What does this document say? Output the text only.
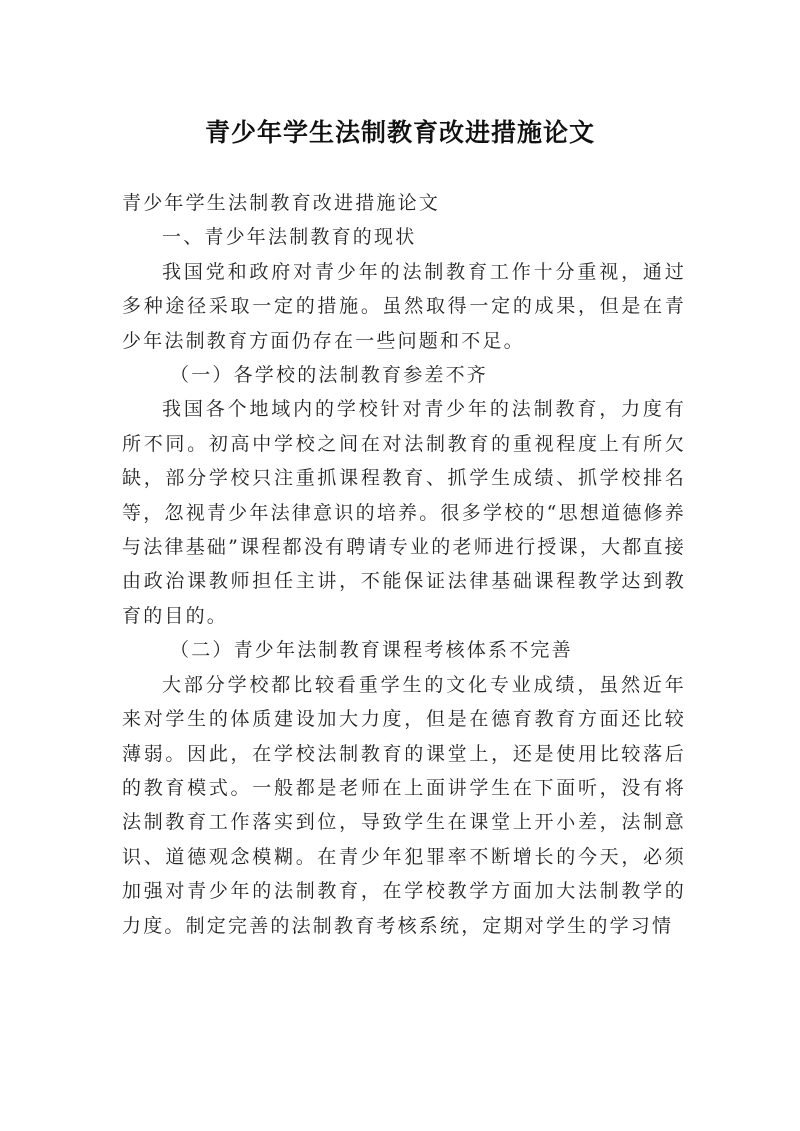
青少年学生法制教育改进措施论文

青少年学生法制教育改进措施论文

一、青少年法制教育的现状

我国党和政府对青少年的法制教育工作十分重视，通过多种途径采取一定的措施。虽然取得一定的成果，但是在青少年法制教育方面仍存在一些问题和不足。

（一）各学校的法制教育参差不齐

我国各个地域内的学校针对青少年的法制教育，力度有所不同。初高中学校之间在对法制教育的重视程度上有所欠缺，部分学校只注重抓课程教育、抓学生成绩、抓学校排名等，忽视青少年法律意识的培养。很多学校的“思想道德修养与法律基础”课程都没有聘请专业的老师进行授课，大都直接由政治课教师担任主讲，不能保证法律基础课程教学达到教育的目的。

（二）青少年法制教育课程考核体系不完善

大部分学校都比较看重学生的文化专业成绩，虽然近年来对学生的体质建设加大力度，但是在德育教育方面还比较薄弱。因此，在学校法制教育的课堂上，还是使用比较落后的教育模式。一般都是老师在上面讲学生在下面听，没有将法制教育工作落实到位，导致学生在课堂上开小差，法制意识、道德观念模糊。在青少年犯罪率不断增长的今天，必须加强对青少年的法制教育，在学校教学方面加大法制教学的力度。制定完善的法制教育考核系统，定期对学生的学习情
